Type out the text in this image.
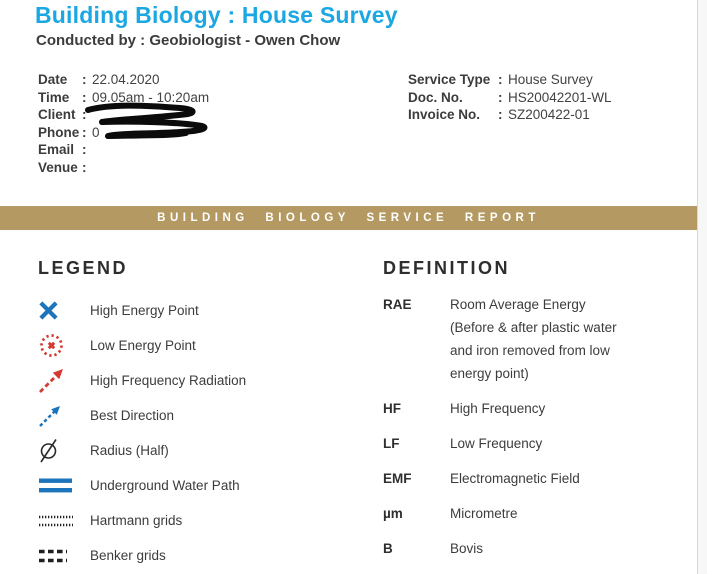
Building Biology : House Survey
Conducted by : Geobiologist - Owen Chow
Date	: 22.04.2020
Time : 09.05am - 10:20am
Client :
Phone : 0
Email :
Venue :
Service Type : House Survey
Doc. No.	: HS20042201-WL
Invoice No.	: SZ200422-01
BUILDING BIOLOGY SERVICE REPORT
LEGEND
High Energy Point
Low Energy Point
High Frequency Radiation
Best Direction
Radius (Half)
Underground Water Path
Hartmann grids
Benker grids
DEFINITION
RAE	Room Average Energy (Before & after plastic water and iron removed from low energy point)
HF	High Frequency
LF	Low Frequency
EMF	Electromagnetic Field
µm	Micrometre
B	Bovis
